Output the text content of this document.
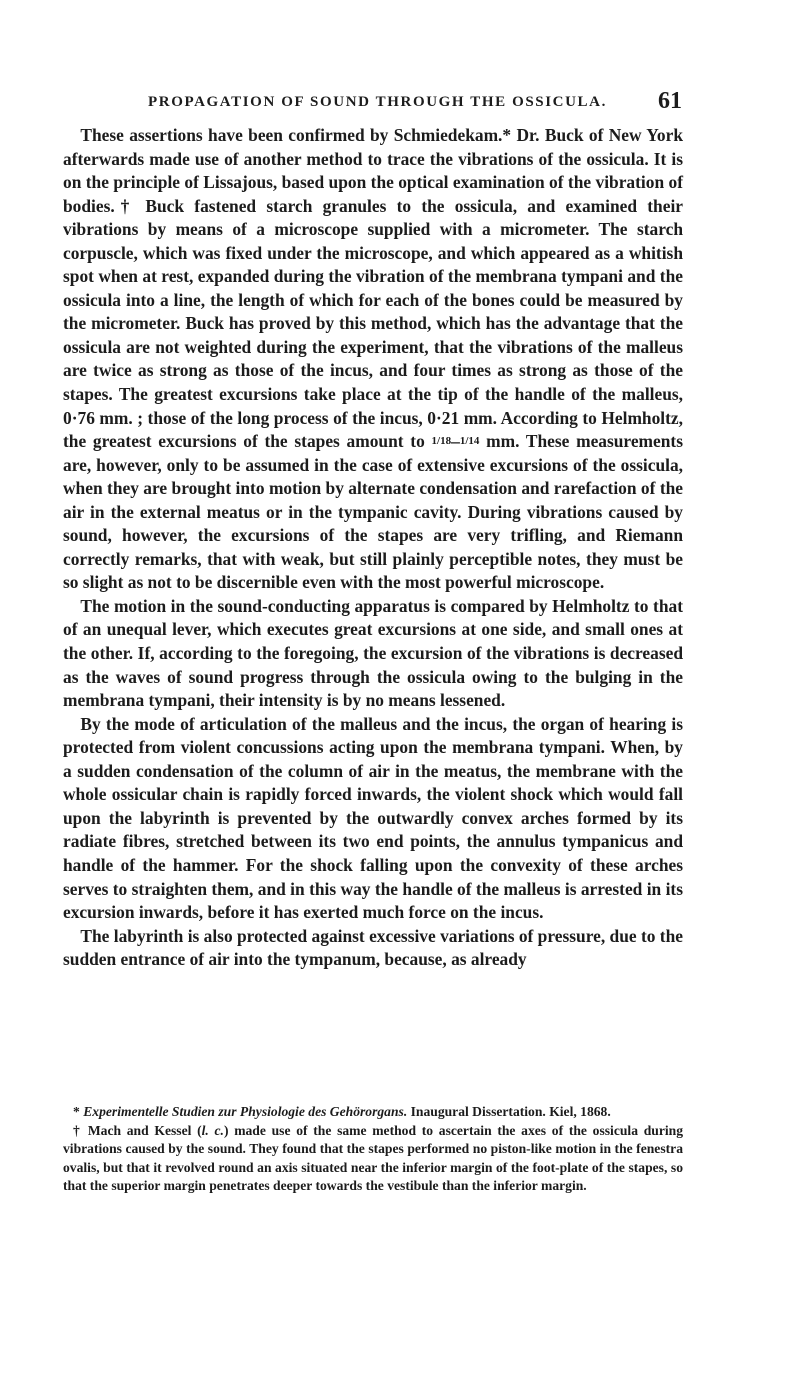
PROPAGATION OF SOUND THROUGH THE OSSICULA. 61

 These assertions have been confirmed by Schmiedekam.* Dr. Buck of New York afterwards made use of another method to trace the vibrations of the ossicula. It is on the principle of Lissajous, based upon the optical examination of the vibration of bodies.† Buck fastened starch granules to the ossicula, and examined their vibrations by means of a microscope supplied with a micrometer. The starch corpuscle, which was fixed under the microscope, and which appeared as a whitish spot when at rest, expanded during the vibration of the membrana tympani and the ossicula into a line, the length of which for each of the bones could be measured by the micrometer. Buck has proved by this method, which has the advantage that the ossicula are not weighted during the experiment, that the vibrations of the malleus are twice as strong as those of the incus, and four times as strong as those of the stapes. The greatest excursions take place at the tip of the handle of the malleus, 0·76 mm. ; those of the long process of the incus, 0·21 mm. According to Helmholtz, the greatest excursions of the stapes amount to 1/18–1/14 mm. These measurements are, however, only to be assumed in the case of extensive excursions of the ossicula, when they are brought into motion by alternate condensation and rarefaction of the air in the external meatus or in the tympanic cavity. During vibrations caused by sound, however, the excursions of the stapes are very trifling, and Riemann correctly remarks, that with weak, but still plainly perceptible notes, they must be so slight as not to be discernible even with the most powerful microscope.

 The motion in the sound-conducting apparatus is compared by Helmholtz to that of an unequal lever, which executes great excursions at one side, and small ones at the other. If, according to the foregoing, the excursion of the vibrations is decreased as the waves of sound progress through the ossicula owing to the bulging in the membrana tympani, their intensity is by no means lessened.

 By the mode of articulation of the malleus and the incus, the organ of hearing is protected from violent concussions acting upon the membrana tympani. When, by a sudden condensation of the column of air in the meatus, the membrane with the whole ossicular chain is rapidly forced inwards, the violent shock which would fall upon the labyrinth is prevented by the outwardly convex arches formed by its radiate fibres, stretched between its two end points, the annulus tympanicus and handle of the hammer. For the shock falling upon the convexity of these arches serves to straighten them, and in this way the handle of the malleus is arrested in its excursion inwards, before it has exerted much force on the incus.

 The labyrinth is also protected against excessive variations of pressure, due to the sudden entrance of air into the tympanum, because, as already

* Experimentelle Studien zur Physiologie des Gehörorgans. Inaugural Dissertation. Kiel, 1868.

† Mach and Kessel (l. c.) made use of the same method to ascertain the axes of the ossicula during vibrations caused by the sound. They found that the stapes performed no piston-like motion in the fenestra ovalis, but that it revolved round an axis situated near the inferior margin of the foot-plate of the stapes, so that the superior margin penetrates deeper towards the vestibule than the inferior margin.
